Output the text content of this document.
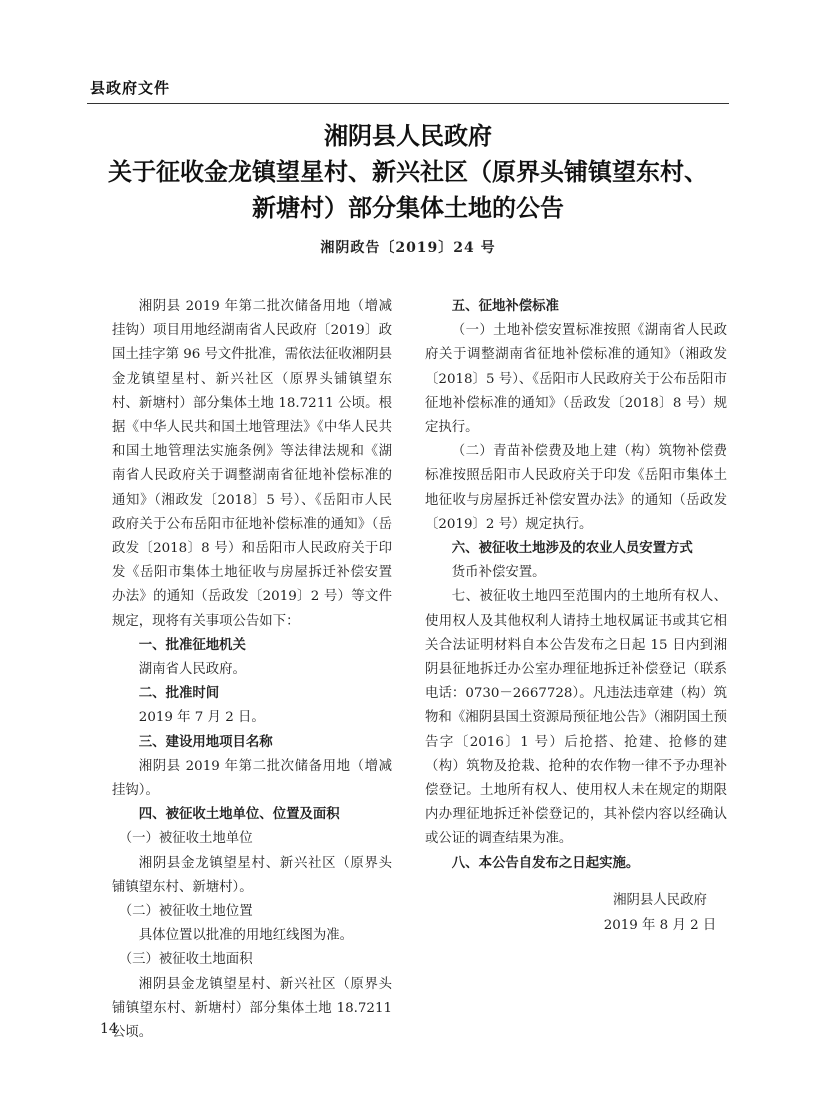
县政府文件
湘阴县人民政府
关于征收金龙镇望星村、新兴社区（原界头铺镇望东村、
新塘村）部分集体土地的公告
湘阴政告〔2019〕24 号

湘阴县 2019 年第二批次储备用地（增减挂钩）项目用地经湖南省人民政府〔2019〕政国土挂字第 96 号文件批准，需依法征收湘阴县金龙镇望星村、新兴社区（原界头铺镇望东村、新塘村）部分集体土地 18.7211 公顷。根据《中华人民共和国土地管理法》《中华人民共和国土地管理法实施条例》等法律法规和《湖南省人民政府关于调整湖南省征地补偿标准的通知》（湘政发〔2018〕5 号）、《岳阳市人民政府关于公布岳阳市征地补偿标准的通知》（岳政发〔2018〕8 号）和岳阳市人民政府关于印发《岳阳市集体土地征收与房屋拆迁补偿安置办法》的通知（岳政发〔2019〕2 号）等文件规定，现将有关事项公告如下：

一、批准征地机关

湖南省人民政府。

二、批准时间

2019 年 7 月 2 日。

三、建设用地项目名称

湘阴县 2019 年第二批次储备用地（增减挂钩）。

四、被征收土地单位、位置及面积

（一）被征收土地单位

湘阴县金龙镇望星村、新兴社区（原界头铺镇望东村、新塘村）。

（二）被征收土地位置

具体位置以批准的用地红线图为准。

（三）被征收土地面积

湘阴县金龙镇望星村、新兴社区（原界头铺镇望东村、新塘村）部分集体土地 18.7211 公顷。

五、征地补偿标准

（一）土地补偿安置标准按照《湖南省人民政府关于调整湖南省征地补偿标准的通知》（湘政发〔2018〕5 号）、《岳阳市人民政府关于公布岳阳市征地补偿标准的通知》（岳政发〔2018〕8 号）规定执行。

（二）青苗补偿费及地上建（构）筑物补偿费标准按照岳阳市人民政府关于印发《岳阳市集体土地征收与房屋拆迁补偿安置办法》的通知（岳政发〔2019〕2 号）规定执行。

六、被征收土地涉及的农业人员安置方式

货币补偿安置。

七、被征收土地四至范围内的土地所有权人、使用权人及其他权利人请持土地权属证书或其它相关合法证明材料自本公告发布之日起 15 日内到湘阴县征地拆迁办公室办理征地拆迁补偿登记（联系电话：0730－2667728）。凡违法违章建（构）筑物和《湘阴县国土资源局预征地公告》（湘阴国土预告字〔2016〕1 号）后抢搭、抢建、抢修的建（构）筑物及抢栽、抢种的农作物一律不予办理补偿登记。土地所有权人、使用权人未在规定的期限内办理征地拆迁补偿登记的，其补偿内容以经确认或公证的调查结果为准。

八、本公告自发布之日起实施。

湘阴县人民政府
2019 年 8 月 2 日
14
